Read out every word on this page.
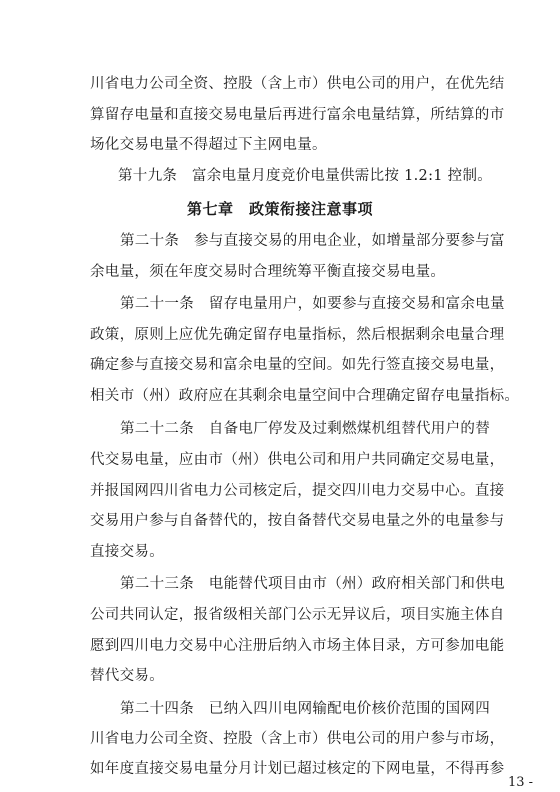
川省电力公司全资、控股（含上市）供电公司的用户，在优先结
算留存电量和直接交易电量后再进行富余电量结算，所结算的市
场化交易电量不得超过下主网电量。
第十九条　富余电量月度竞价电量供需比按 1.2:1 控制。
第七章　政策衔接注意事项
第二十条　参与直接交易的用电企业，如增量部分要参与富
余电量，须在年度交易时合理统筹平衡直接交易电量。
第二十一条　留存电量用户，如要参与直接交易和富余电量
政策，原则上应优先确定留存电量指标，然后根据剩余电量合理
确定参与直接交易和富余电量的空间。如先行签直接交易电量，
相关市（州）政府应在其剩余电量空间中合理确定留存电量指标。
第二十二条　自备电厂停发及过剩燃煤机组替代用户的替
代交易电量，应由市（州）供电公司和用户共同确定交易电量，
并报国网四川省电力公司核定后，提交四川电力交易中心。直接
交易用户参与自备替代的，按自备替代交易电量之外的电量参与
直接交易。
第二十三条　电能替代项目由市（州）政府相关部门和供电
公司共同认定，报省级相关部门公示无异议后，项目实施主体自
愿到四川电力交易中心注册后纳入市场主体目录，方可参加电能
替代交易。
第二十四条　已纳入四川电网输配电价核价范围的国网四
川省电力公司全资、控股（含上市）供电公司的用户参与市场，
如年度直接交易电量分月计划已超过核定的下网电量，不得再参
13 -
